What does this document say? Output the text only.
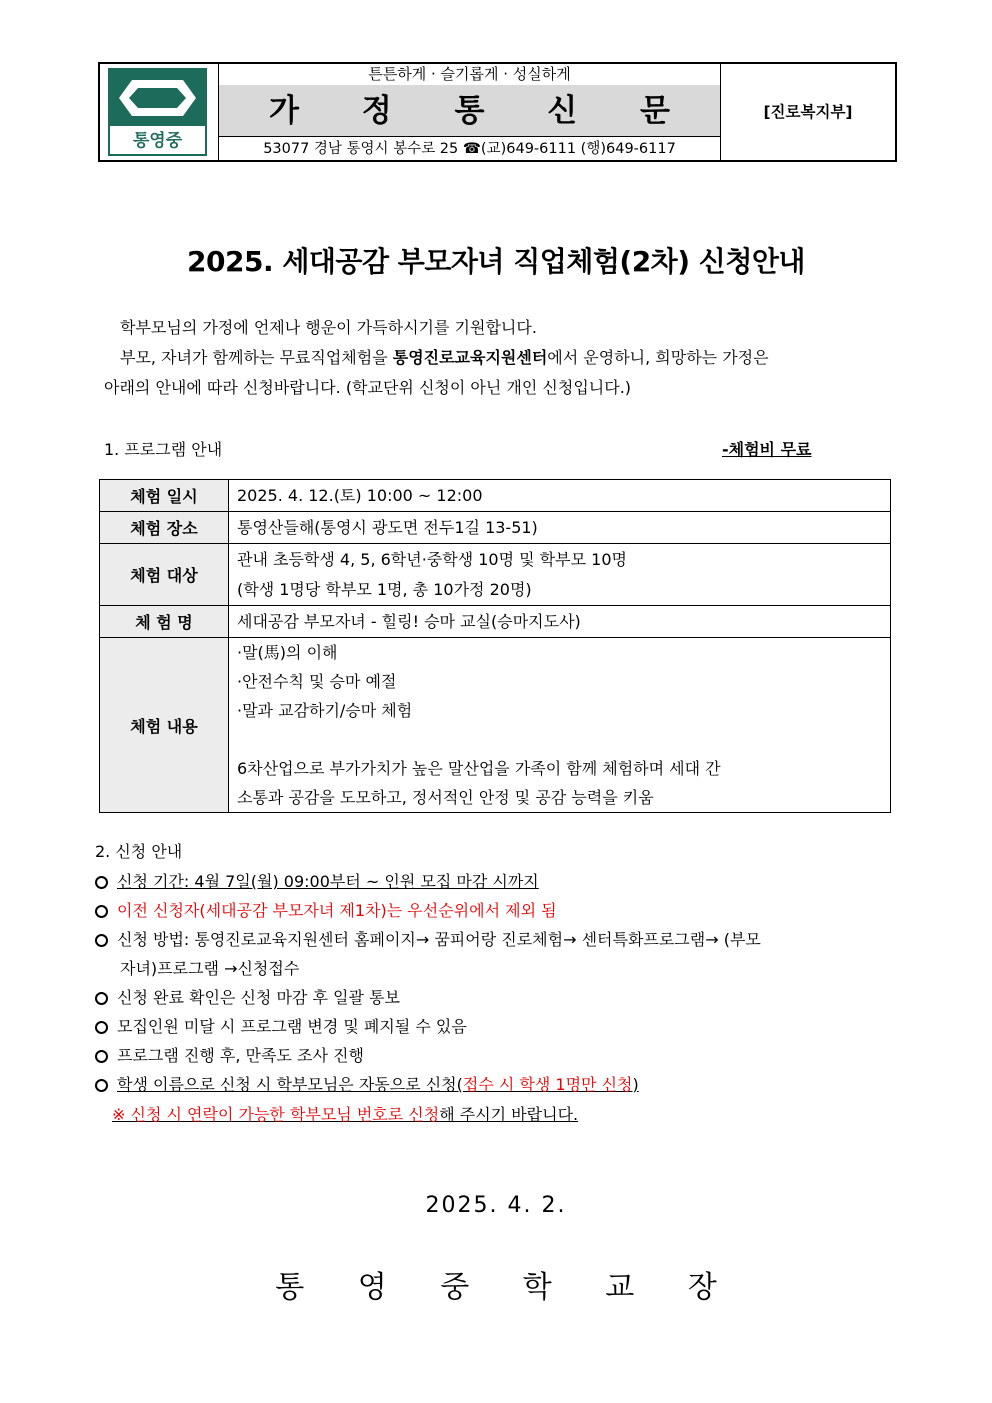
통영중
튼튼하게 · 슬기롭게 · 성실하게
가 정 통 신 문
53077 경남 통영시 봉수로 25 ☎(교)649-6111 (행)649-6117
[진로복지부]
2025. 세대공감 부모자녀 직업체험(2차) 신청안내
학부모님의 가정에 언제나 행운이 가득하시기를 기원합니다.
부모, 자녀가 함께하는 무료직업체험을 통영진로교육지원센터에서 운영하니, 희망하는 가정은
아래의 안내에 따라 신청바랍니다. (학교단위 신청이 아닌 개인 신청입니다.)
1. 프로그램 안내	-체험비 무료
체험 일시	2025. 4. 12.(토) 10:00 ~ 12:00
체험 장소	통영산들해(통영시 광도면 전두1길 13-51)
체험 대상	관내 초등학생 4, 5, 6학년·중학생 10명 및 학부모 10명
(학생 1명당 학부모 1명, 총 10가정 20명)

체 험 명	세대공감 부모자녀 - 힐링! 승마 교실(승마지도사)
체험 내용	·말(馬)의 이해
·안전수칙 및 승마 예절
·말과 교감하기/승마 체험
6차산업으로 부가가치가 높은 말산업을 가족이 함께 체험하며 세대 간
소통과 공감을 도모하고, 정서적인 안정 및 공감 능력을 키움
2. 신청 안내
신청 기간: 4월 7일(월) 09:00부터 ~ 인원 모집 마감 시까지
이전 신청자(세대공감 부모자녀 제1차)는 우선순위에서 제외 됨
신청 방법: 통영진로교육지원센터 홈페이지→ 꿈피어랑 진로체험→ 센터특화프로그램→ (부모
자녀)프로그램 →신청접수
신청 완료 확인은 신청 마감 후 일괄 통보
모집인원 미달 시 프로그램 변경 및 폐지될 수 있음
프로그램 진행 후, 만족도 조사 진행
학생 이름으로 신청 시 학부모님은 자동으로 신청(접수 시 학생 1명만 신청)
※ 신청 시 연락이 가능한 학부모님 번호로 신청해 주시기 바랍니다.
2025. 4. 2.
통 영 중 학 교 장
